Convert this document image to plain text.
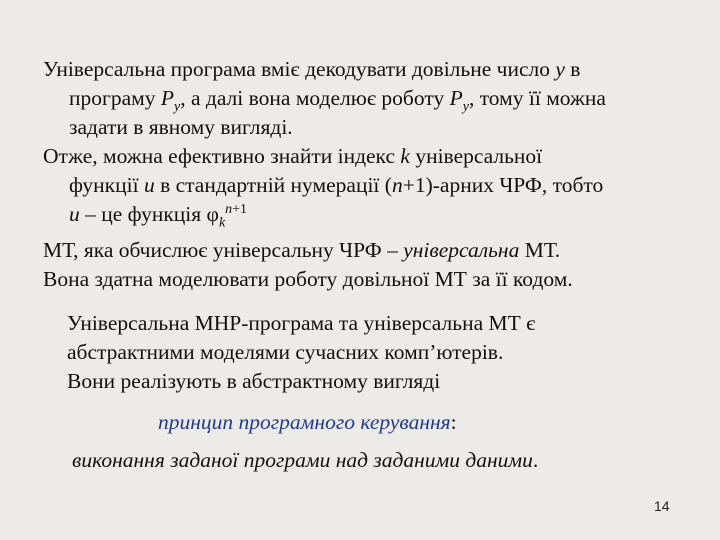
Універсальна програма вміє декодувати довільне число y в
програму $P_y$, а далі вона моделює роботу $P_y$, тому її можна
задати в явному вигляді.
Отже, можна ефективно знайти індекс k універсальної
функції u в стандартній нумерації (n+1)-арних ЧРФ, тобто
u – це функція $\varphi_k^{n+1}$
МТ, яка обчислює універсальну ЧРФ – універсальна МТ.
Вона здатна моделювати роботу довільної МТ за її кодом.
Універсальна МНР-програма та універсальна МТ є
абстрактними моделями сучасних комп’ютерів.
Вони реалізують в абстрактному вигляді
принцип програмного керування:
виконання заданої програми над заданими даними.
14
